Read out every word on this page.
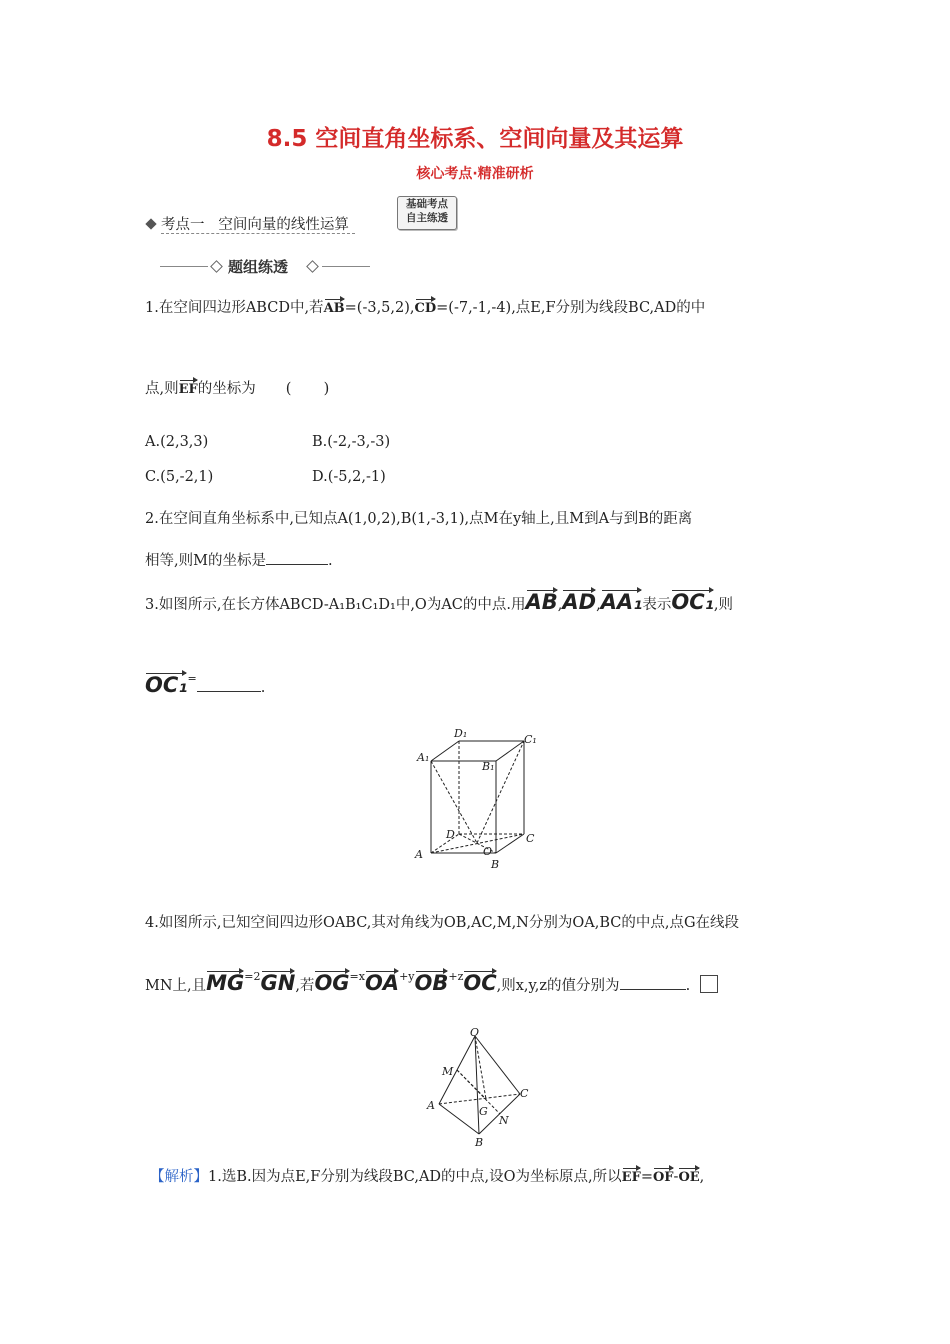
8.5 空间直角坐标系、空间向量及其运算
核心考点·精准研析
考点一 空间向量的线性运算
基础考点
自主练透
题组练透
1.在空间四边形ABCD中,若AB=(-3,5,2),CD=(-7,-1,-4),点E,F分别为线段BC,AD的中
点,则EF的坐标为 (       )
A.(2,3,3)	B.(-2,-3,-3)
C.(5,-2,1)	D.(-5,2,-1)
2.在空间直角坐标系中,已知点A(1,0,2),B(1,-3,1),点M在y轴上,且M到A与到B的距离
相等,则M的坐标是	.
3.如图所示,在长方体ABCD-A₁B₁C₁D₁中,O为AC的中点.用AB,AD,AA₁表示OC₁,则
OC₁=.
A
B
C
D
O
A₁
B₁
C₁
D₁
4.如图所示,已知空间四边形OABC,其对角线为OB,AC,M,N分别为OA,BC的中点,点G在线段
MN上,且$MG^{=2}GN$,若$OG^{=x}OA^{+y}OB^{+z}OC$,则x,y,z的值分别为	.
O
M
A
B
C
N
G
【解析】1.选B.因为点E,F分别为线段BC,AD的中点,设O为坐标原点,所以EF=OF-OE,
